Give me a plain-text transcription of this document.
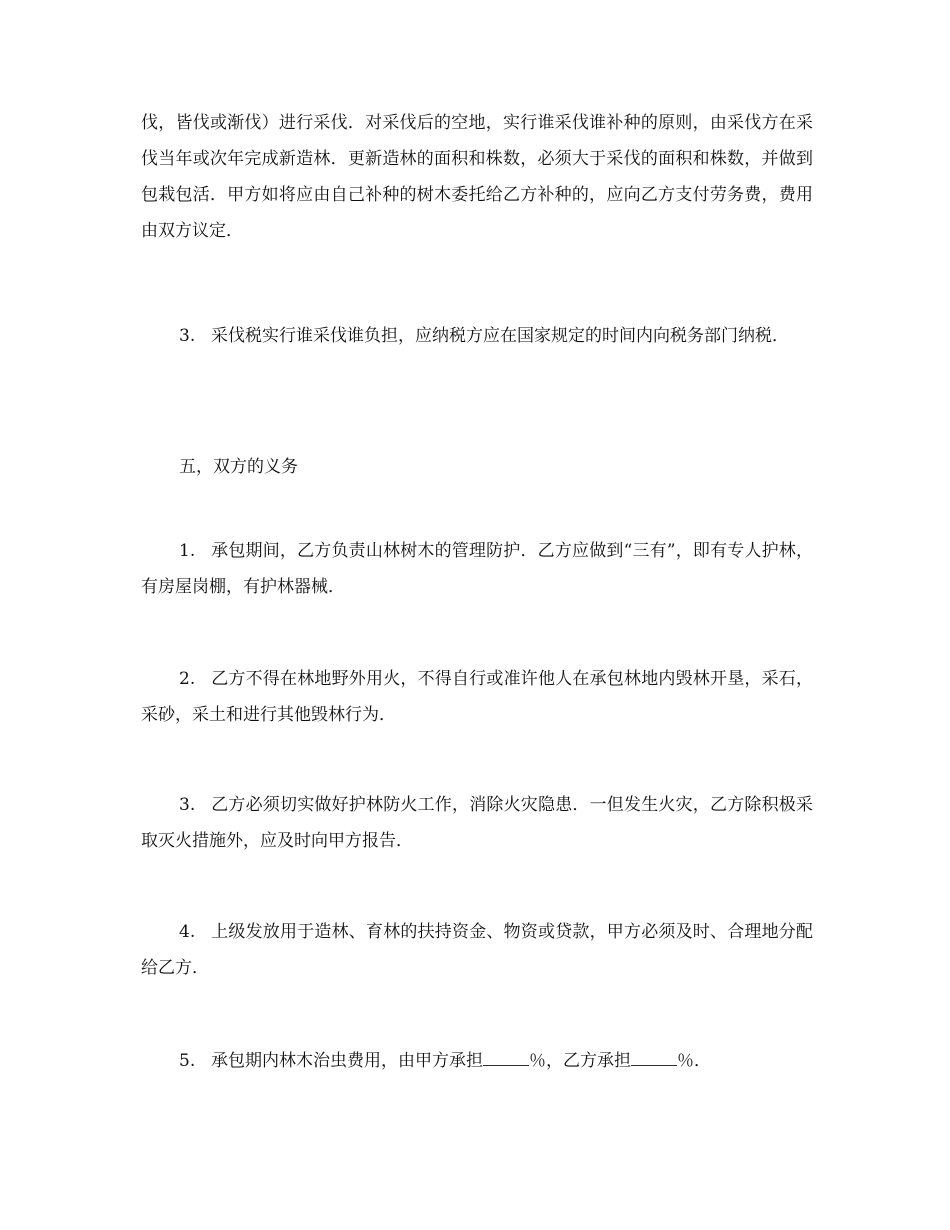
伐，皆伐或渐伐）进行采伐．对采伐后的空地，实行谁采伐谁补种的原则，由采伐方在采伐当年或次年完成新造林．更新造林的面积和株数，必须大于采伐的面积和株数，并做到包栽包活．甲方如将应由自己补种的树木委托给乙方补种的，应向乙方支付劳务费，费用由双方议定．

3. 采伐税实行谁采伐谁负担，应纳税方应在国家规定的时间内向税务部门纳税．

五，双方的义务

1. 承包期间，乙方负责山林树木的管理防护．乙方应做到“三有”，即有专人护林，有房屋岗棚，有护林器械．

2. 乙方不得在林地野外用火，不得自行或准许他人在承包林地内毁林开垦，采石，采砂，采土和进行其他毁林行为．

3. 乙方必须切实做好护林防火工作，消除火灾隐患．一但发生火灾，乙方除积极采取灭火措施外，应及时向甲方报告．

4. 上级发放用于造林、育林的扶持资金、物资或贷款，甲方必须及时、合理地分配给乙方．

5. 承包期内林木治虫费用，由甲方承担	％，乙方承担	％．
